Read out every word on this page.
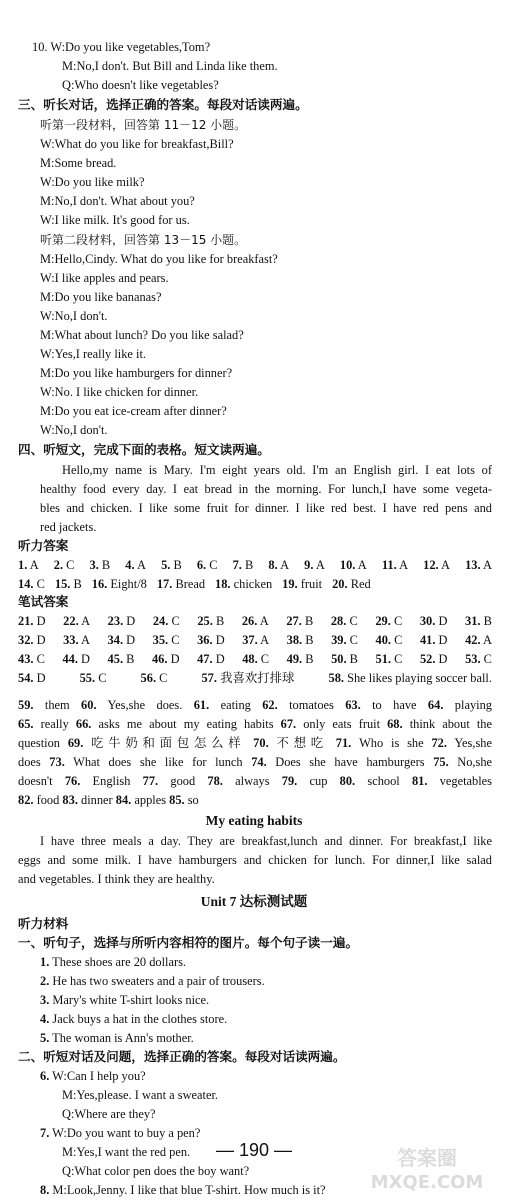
10. W:Do you like vegetables,Tom?
M:No,I don't. But Bill and Linda like them.
Q:Who doesn't like vegetables?
三、听长对话，选择正确的答案。每段对话读两遍。
听第一段材料，回答第 11－12 小题。
W:What do you like for breakfast,Bill?
M:Some bread.
W:Do you like milk?
M:No,I don't. What about you?
W:I like milk. It's good for us.
听第二段材料，回答第 13－15 小题。
M:Hello,Cindy. What do you like for breakfast?
W:I like apples and pears.
M:Do you like bananas?
W:No,I don't.
M:What about lunch? Do you like salad?
W:Yes,I really like it.
M:Do you like hamburgers for dinner?
W:No. I like chicken for dinner.
M:Do you eat ice-cream after dinner?
W:No,I don't.
四、听短文，完成下面的表格。短文读两遍。
Hello,my name is Mary. I'm eight years old. I'm an English girl. I eat lots of
healthy food every day. I eat bread in the morning. For lunch,I have some vegeta-
bles and chicken. I like some fruit for dinner. I like red best. I have red pens and
red jackets.
听力答案
笔试答案
59. them 60. Yes,she does. 61. eating 62. tomatoes 63. to have 64. playing
65. really 66. asks me about my eating habits 67. only eats fruit 68. think about the
question 69. 吃牛奶和面包怎么样 70. 不想吃 71. Who is she 72. Yes,she
does 73. What does she like for lunch 74. Does she have hamburgers 75. No,she
doesn't 76. English 77. good 78. always 79. cup 80. school 81. vegetables
82. food 83. dinner 84. apples 85. so
I have three meals a day. They are breakfast,lunch and dinner. For breakfast,I like
eggs and some milk. I have hamburgers and chicken for lunch. For dinner,I like salad
and vegetables. I think they are healthy.
听力材料
一、听句子，选择与所听内容相符的图片。每个句子读一遍。
1. These shoes are 20 dollars.
2. He has two sweaters and a pair of trousers.
3. Mary's white T-shirt looks nice.
4. Jack buys a hat in the clothes store.
5. The woman is Ann's mother.
二、听短对话及问题，选择正确的答案。每段对话读两遍。
6. W:Can I help you?
M:Yes,please. I want a sweater.
Q:Where are they?
7. W:Do you want to buy a pen?
M:Yes,I want the red pen.
Q:What color pen does the boy want?
8. M:Look,Jenny. I like that blue T-shirt. How much is it?
1. A 2. C 3. B 4. A 5. B 6. C 7. B 8. A 9. A 10. A 11. A 12. A 13. A
14. C 15. B 16. Eight/8 17. Bread 18. chicken 19. fruit 20. Red
21. D 22. A 23. D 24. C 25. B 26. A 27. B 28. C 29. C 30. D 31. B
32. D 33. A 34. D 35. C 36. D 37. A 38. B 39. C 40. C 41. D 42. A
43. C 44. D 45. B 46. D 47. D 48. C 49. B 50. B 51. C 52. D 53. C
54. D	55. C	56. C	57. 我喜欢打排球	58. She likes playing soccer ball.
My eating habits
Unit 7 达标测试题
— 190 —	答案圈
MXQE.COM
